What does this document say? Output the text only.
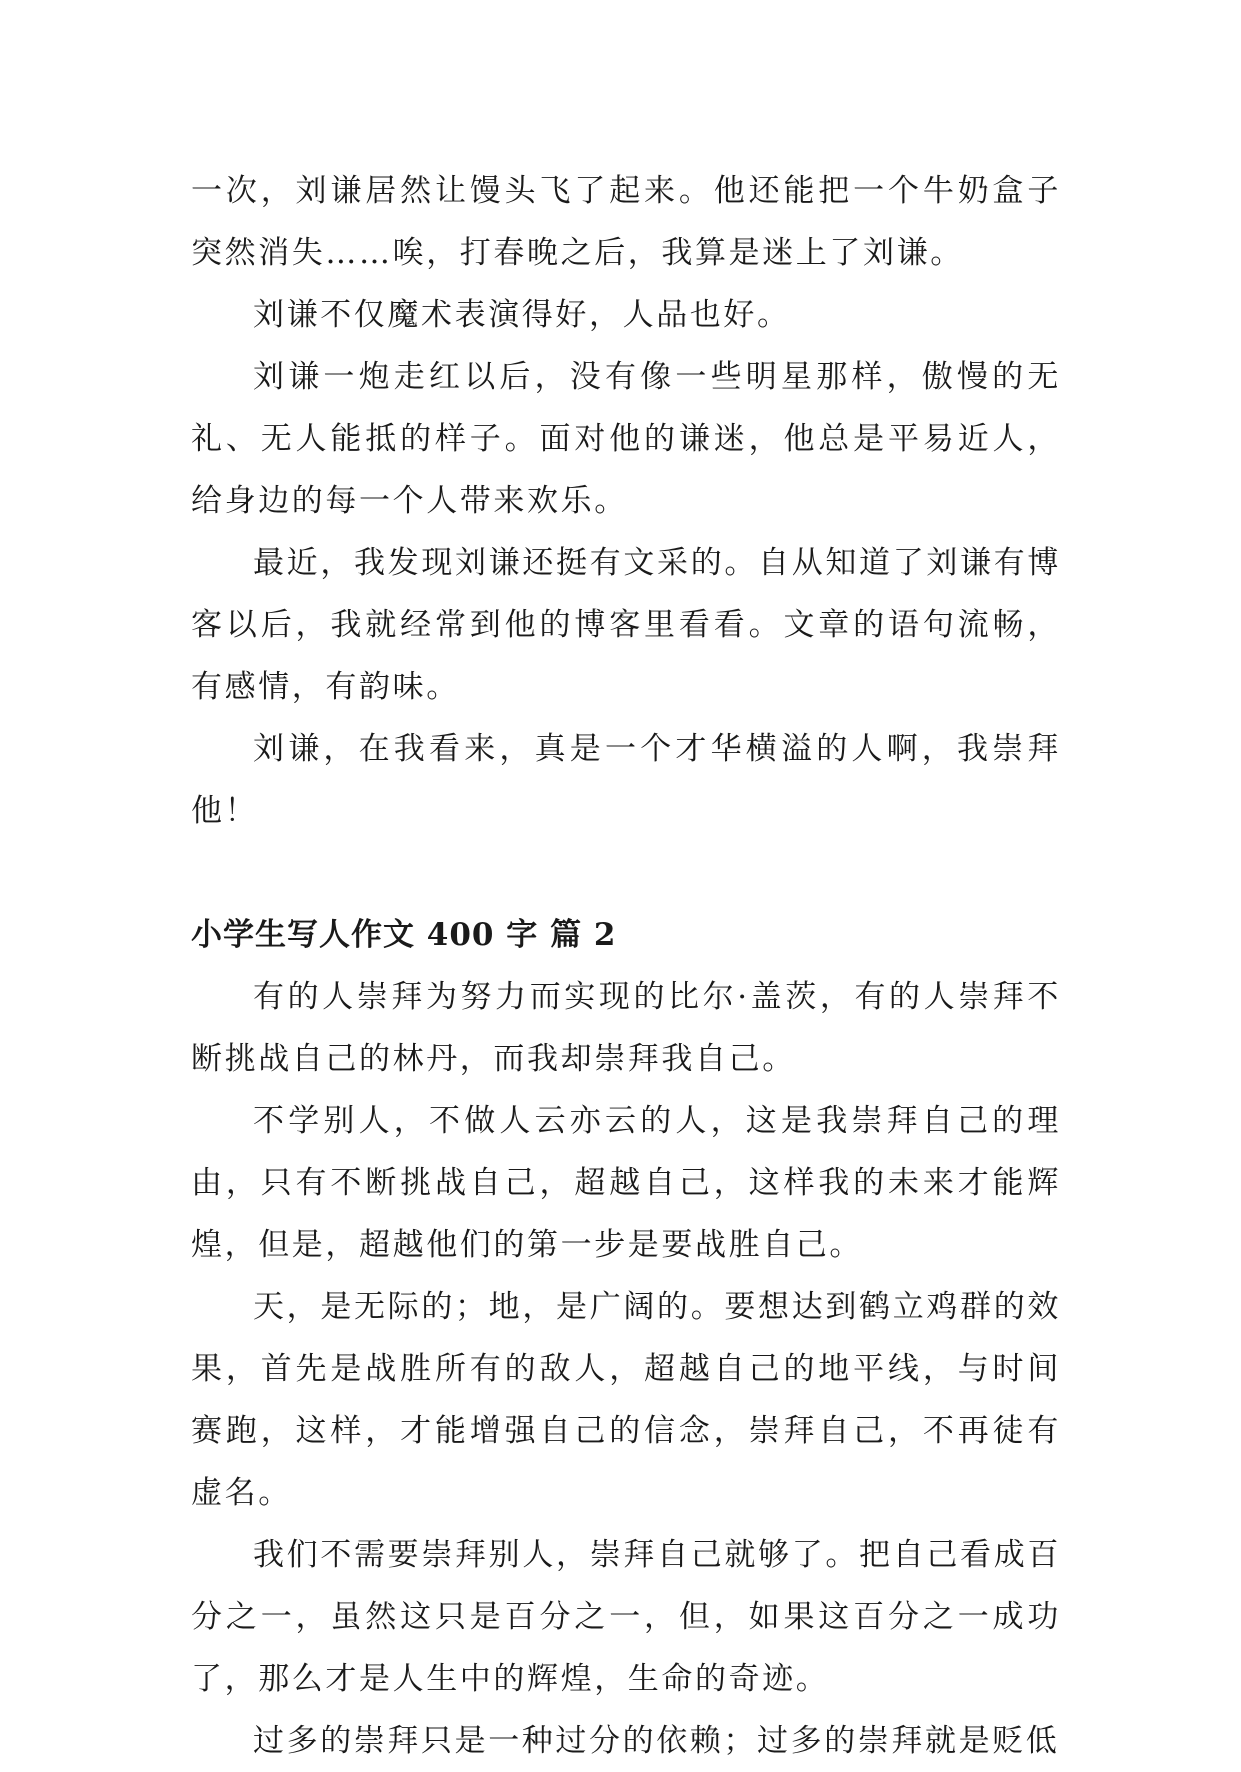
一次，刘谦居然让馒头飞了起来。他还能把一个牛奶盒子突然消失……唉，打春晚之后，我算是迷上了刘谦。

刘谦不仅魔术表演得好，人品也好。

刘谦一炮走红以后，没有像一些明星那样，傲慢的无礼、无人能抵的样子。面对他的谦迷，他总是平易近人，给身边的每一个人带来欢乐。

最近，我发现刘谦还挺有文采的。自从知道了刘谦有博客以后，我就经常到他的博客里看看。文章的语句流畅，有感情，有韵味。

刘谦，在我看来，真是一个才华横溢的人啊，我崇拜他！

小学生写人作文 400 字 篇 2

有的人崇拜为努力而实现的比尔·盖茨，有的人崇拜不断挑战自己的林丹，而我却崇拜我自己。

不学别人，不做人云亦云的人，这是我崇拜自己的理由，只有不断挑战自己，超越自己，这样我的未来才能辉煌，但是，超越他们的第一步是要战胜自己。

天，是无际的；地，是广阔的。要想达到鹤立鸡群的效果，首先是战胜所有的敌人，超越自己的地平线，与时间赛跑，这样，才能增强自己的信念，崇拜自己，不再徒有虚名。

我们不需要崇拜别人，崇拜自己就够了。把自己看成百分之一，虽然这只是百分之一，但，如果这百分之一成功了，那么才是人生中的辉煌，生命的奇迹。

过多的崇拜只是一种过分的依赖；过多的崇拜就是贬低
